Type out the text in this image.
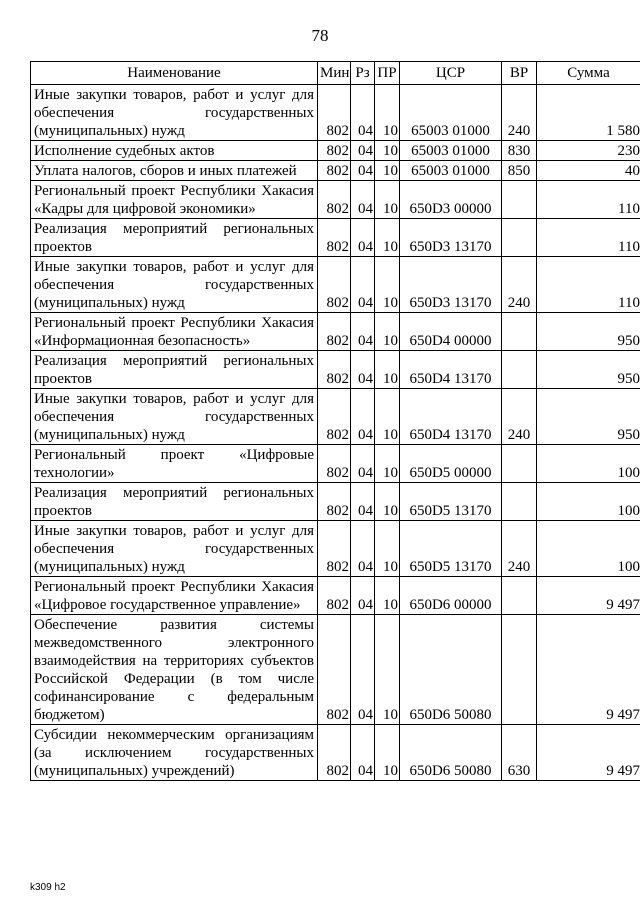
78
Наименование	Мин	Рз	ПР	ЦСР	ВР	Сумма
Иные закупки товаров, работ и услуг для обеспечения государственных (муниципальных) нужд	802	04	10	65003 01000	240	1 580
Исполнение судебных актов	802	04	10	65003 01000	830	230
Уплата налогов, сборов и иных платежей	802	04	10	65003 01000	850	40
Региональный проект Республики Хакасия «Кадры для цифровой экономики»	802	04	10	650D3 00000		110
Реализация мероприятий региональных проектов	802	04	10	650D3 13170		110
Иные закупки товаров, работ и услуг для обеспечения государственных (муниципальных) нужд	802	04	10	650D3 13170	240	110
Региональный проект Республики Хакасия «Информационная безопасность»	802	04	10	650D4 00000		950
Реализация мероприятий региональных проектов	802	04	10	650D4 13170		950
Иные закупки товаров, работ и услуг для обеспечения государственных (муниципальных) нужд	802	04	10	650D4 13170	240	950
Региональный проект «Цифровые технологии»	802	04	10	650D5 00000		100
Реализация мероприятий региональных проектов	802	04	10	650D5 13170		100
Иные закупки товаров, работ и услуг для обеспечения государственных (муниципальных) нужд	802	04	10	650D5 13170	240	100
Региональный проект Республики Хакасия «Цифровое государственное управление»	802	04	10	650D6 00000		9 497
Обеспечение развития системы межведомственного электронного взаимодействия на территориях субъектов Российской Федерации (в том числе софинансирование с федеральным бюджетом)	802	04	10	650D6 50080		9 497
Субсидии некоммерческим организациям (за исключением государственных (муниципальных) учреждений)	802	04	10	650D6 50080	630	9 497
k309 h2
